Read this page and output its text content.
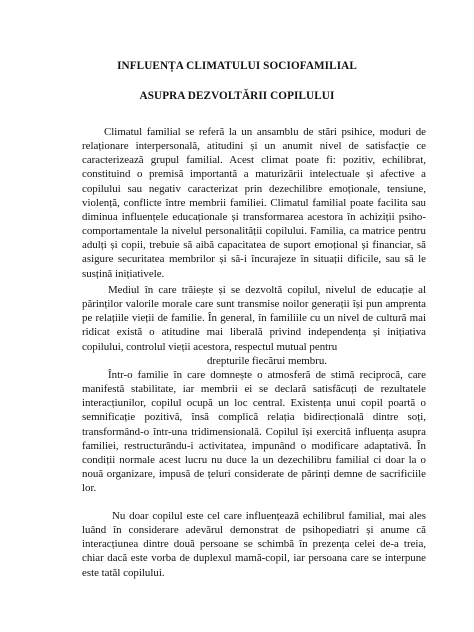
INFLUENȚA CLIMATULUI SOCIOFAMILIAL
ASUPRA DEZVOLTĂRII COPILULUI
Climatul familial se referă la un ansamblu de stări psihice, moduri de relaționare interpersonală, atitudini și un anumit nivel de satisfacție ce caracterizează grupul familial. Acest climat poate fi: pozitiv, echilibrat, constituind o premisă importantă a maturizării intelectuale și afective a copilului sau negativ caracterizat prin dezechilibre emoționale, tensiune, violență, conflicte între membrii familiei. Climatul familial poate facilita sau diminua influențele educaționale și transformarea acestora în achiziții psiho-comportamentale la nivelul personalității copilului. Familia, ca matrice pentru adulți și copii, trebuie să aibă capacitatea de suport emoțional și financiar, să asigure securitatea membrilor și să-i încurajeze în situații dificile, sau să le susțină inițiativele.
Mediul în care trăiește și se dezvoltă copilul, nivelul de educație al părinților valorile morale care sunt transmise noilor generații își pun amprenta pe relațiile vieții de familie. În general, în familiile cu un nivel de cultură mai ridicat există o atitudine mai liberală privind independența și inițiativa copilului, controlul vieții acestora, respectul mutual pentru
drepturile fiecărui membru.
Într-o familie în care domnește o atmosferă de stimă reciprocă, care manifestă stabilitate, iar membrii ei se declară satisfăcuți de rezultatele interacțiunilor, copilul ocupă un loc central. Existența unui copil poartă o semnificație pozitivă, însă complică relația bidirecțională dintre soți, transformând-o într-una tridimensională. Copilul își exercită influența asupra familiei, restructurându-i activitatea, impunând o modificare adaptativă. În condiții normale acest lucru nu duce la un dezechilibru familial ci doar la o nouă organizare, impusă de țeluri considerate de părinți demne de sacrificiile lor.
Nu doar copilul este cel care influențează echilibrul familial, mai ales luând în considerare adevărul demonstrat de psihopediatri și anume că interacțiunea dintre două persoane se schimbă în prezența celei de-a treia, chiar dacă este vorba de duplexul mamă-copil, iar persoana care se interpune este tatăl copilului.
